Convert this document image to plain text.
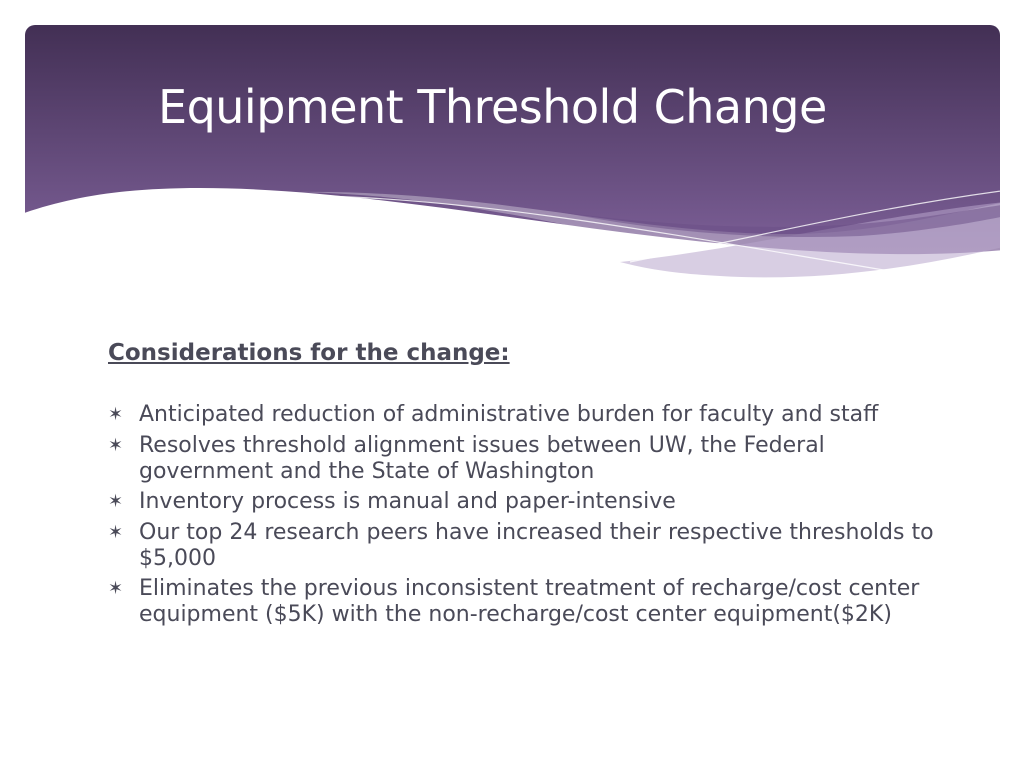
Equipment Threshold Change

Considerations for the change:

✶ Anticipated reduction of administrative burden for faculty and staff
✶ Resolves threshold alignment issues between UW, the Federal government and the State of Washington
✶ Inventory process is manual and paper-intensive
✶ Our top 24 research peers have increased their respective thresholds to $5,000
✶ Eliminates the previous inconsistent treatment of recharge/cost center equipment ($5K) with the non-recharge/cost center equipment($2K)
